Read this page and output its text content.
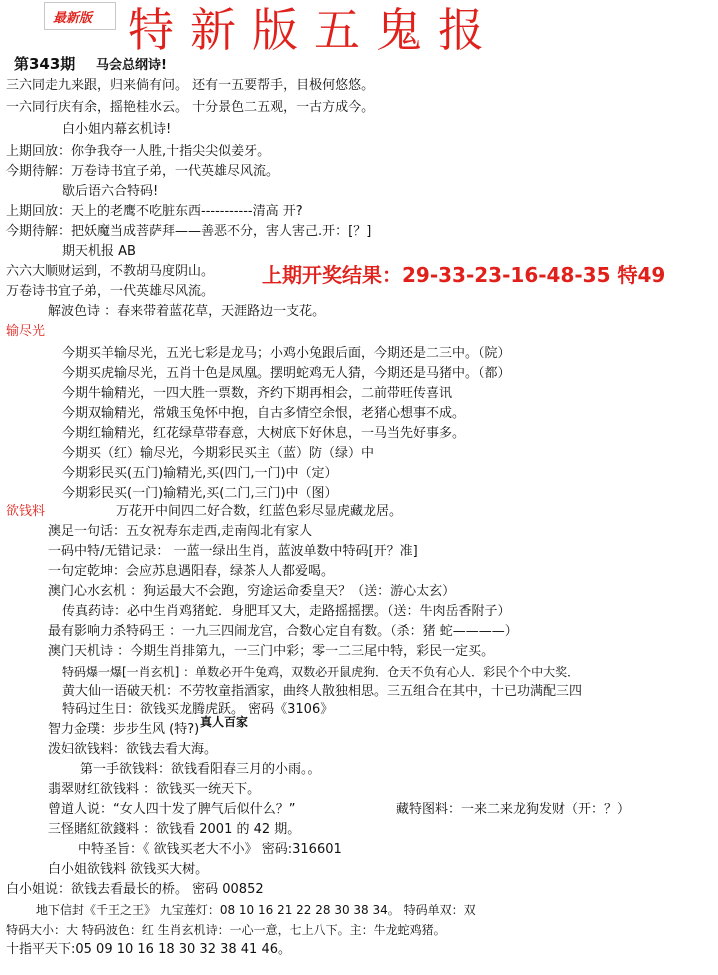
最新版 特新版五鬼报
第343期 马会总纲诗!
三六同走九来跟，归来倘有问。 还有一五要帮手，目极何悠悠。
一六同行庆有余，摇艳桂水云。 十分景色二五观，一古方成今。
白小姐内幕玄机诗!
上期回放：你争我夺一人胜,十指尖尖似姜牙。
今期待解：万卷诗书宜子弟，一代英雄尽风流。
歇后语六合特码!
上期回放：天上的老鹰不吃脏东西-----------清高 开?
今期待解：把妖魔当成菩萨拜——善恶不分，害人害己.开：[？]
期天机报 AB
六六大顺财运到，不教胡马度阴山。
万卷诗书宜子弟，一代英雄尽风流。
解波色诗 ：春来带着蓝花草，天涯路边一支花。
上期开奖结果：29-33-23-16-48-35 特49
输尽光
今期买羊输尽光，五光七彩是龙马；小鸡小兔跟后面，今期还是二三中。（院）
今期买虎输尽光，五肖十色是凤凰。摆明蛇鸡无人猜，今期还是马猪中。（都）
今期牛输精光，一四大胜一票数，齐约下期再相会，二前带旺传喜讯
今期双输精光，常娥玉兔怀中抱，自古多情空余恨，老猪心想事不成。
今期红输精光，红花绿草带春意，大树底下好休息，一马当先好事多。
今期买（红）输尽光，今期彩民买主（蓝）防（绿）中
今期彩民买(五门)输精光,买(四门,一门)中（定）
今期彩民买(一门)输精光,买(二门,三门)中（图）
欲钱料	万花开中间四二好合数，红蓝色彩尽显虎藏龙居。
澳足一句话：五女祝寿东走西,走南闯北有家人
一码中特/无错记录： 一蓝一绿出生肖，蓝波单数中特码[开？准]
一句定乾坤：会应苏息遇阳春，绿茶人人都爱喝。
澳门心水玄机 ：狗运最大不会跑，穷途运命委皇天？（送：游心太玄）
传真药诗：必中生肖鸡猪蛇．身肥耳又大，走路摇摇摆。（送：牛肉岳香附子）
最有影响力杀特码王 ：一九三四闹龙宫，合数心定自有数。（杀：猪 蛇————）
澳门天机诗 ：今期生肖排第九，一三门中彩；零一二三尾中特，彩民一定买。
特码爆一爆[一肖玄机] ：单数必开牛兔鸡，双数必开鼠虎狗．仓天不负有心人．彩民个个中大奖．
黄大仙一语破天机：不劳牧童指酒家，曲终人散独相思。三五组合在其中，十已功满配三四
特码过生日：欲钱买龙腾虎跃。 密码《3106》
真人百家
智力金璞：步步生风 (特?)
泼妇欲钱料：欲钱去看大海。
第一手欲钱料：欲钱看阳春三月的小雨。。
翡翠财红欲钱料 ：欲钱买一统天下。
曾道人说：“女人四十发了脾气后似什么？”	藏特图料：一来二来龙狗发财（开：？）
三怪賭紅欲錢料 ：欲钱看 2001 的 42 期。
中特圣旨：《 欲钱买老大不小》 密码:316601
白小姐欲钱料 欲钱买大树。
白小姐说：欲钱去看最长的桥。 密码 00852
地下信封《千王之王》 九宝莲灯：08 10 16 21 22 28 30 38 34。 特码单双：双
特码大小：大 特码波色：红 生肖玄机诗：一心一意，七上八下。主：牛龙蛇鸡猪。
十指平天下:05 09 10 16 18 30 32 38 41 46。
